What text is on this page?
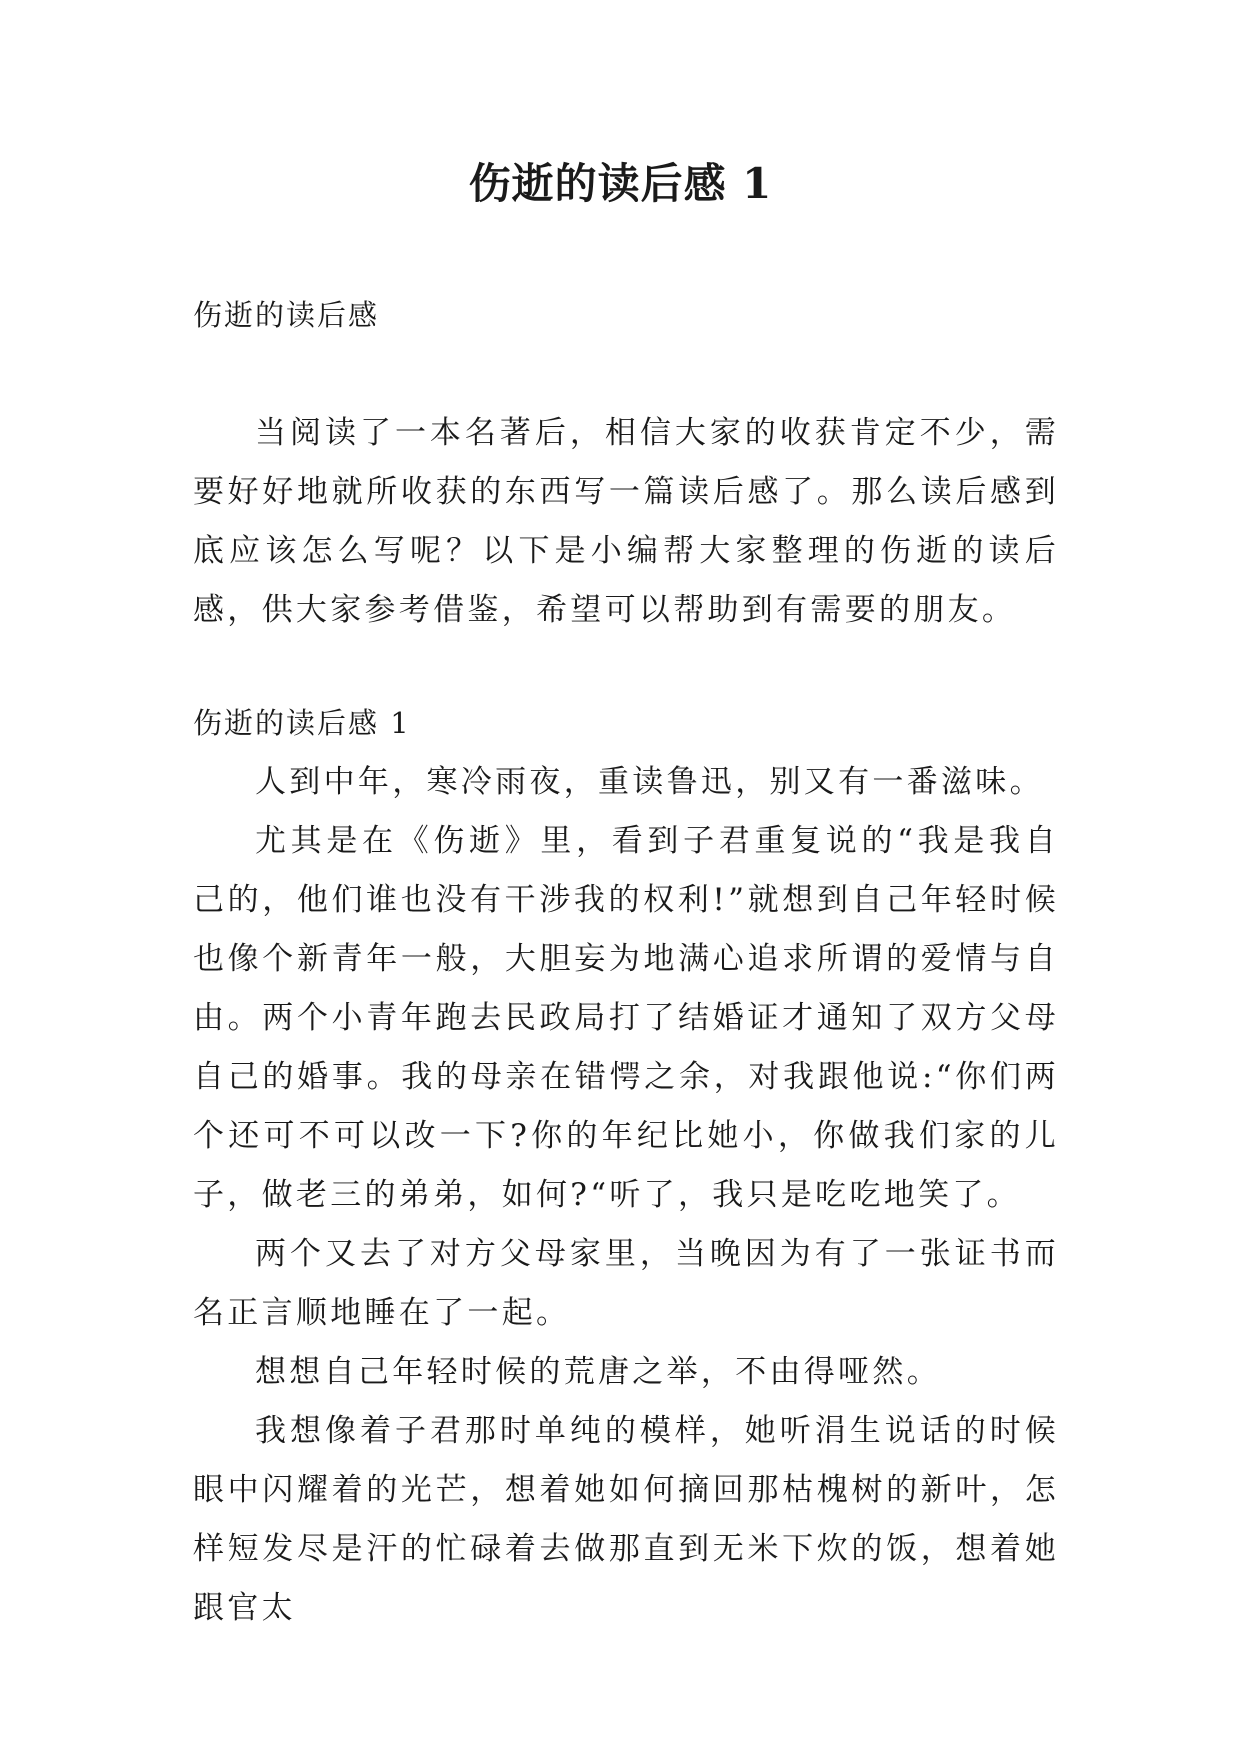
伤逝的读后感 1

伤逝的读后感

当阅读了一本名著后，相信大家的收获肯定不少，需要好好地就所收获的东西写一篇读后感了。那么读后感到底应该怎么写呢？以下是小编帮大家整理的伤逝的读后感，供大家参考借鉴，希望可以帮助到有需要的朋友。

伤逝的读后感 1

人到中年，寒冷雨夜，重读鲁迅，别又有一番滋味。

尤其是在《伤逝》里，看到子君重复说的“我是我自己的，他们谁也没有干涉我的权利!”就想到自己年轻时候也像个新青年一般，大胆妄为地满心追求所谓的爱情与自由。两个小青年跑去民政局打了结婚证才通知了双方父母自己的婚事。我的母亲在错愕之余，对我跟他说:“你们两个还可不可以改一下?你的年纪比她小，你做我们家的儿子，做老三的弟弟，如何?“听了，我只是吃吃地笑了。

两个又去了对方父母家里，当晚因为有了一张证书而名正言顺地睡在了一起。

想想自己年轻时候的荒唐之举，不由得哑然。

我想像着子君那时单纯的模样，她听涓生说话的时候眼中闪耀着的光芒，想着她如何摘回那枯槐树的新叶，怎样短发尽是汗的忙碌着去做那直到无米下炊的饭，想着她跟官太
